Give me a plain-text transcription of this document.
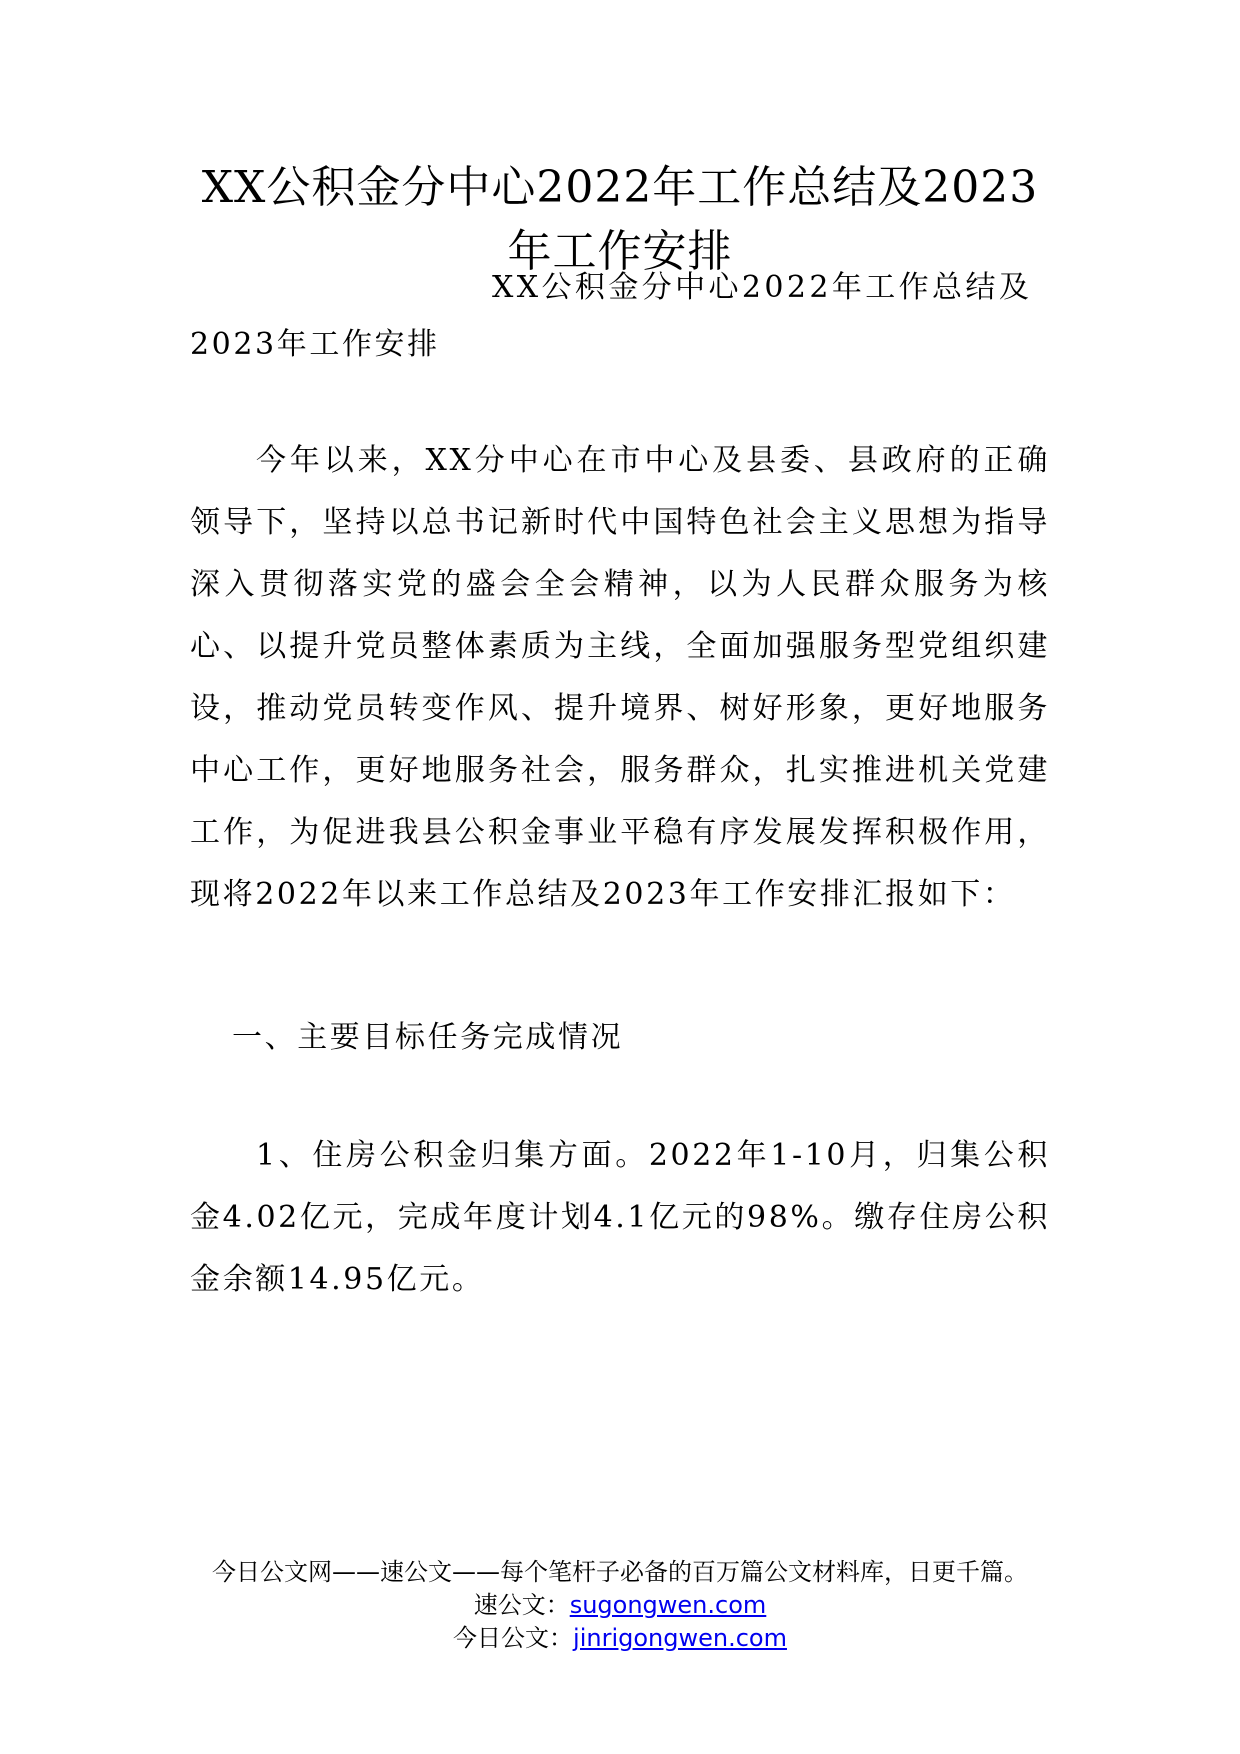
XX公积金分中心2022年工作总结及2023
年工作安排

XX公积金分中心2022年工作总结及

2023年工作安排

今年以来，XX分中心在市中心及县委、县政府的正确领导下，坚持以总书记新时代中国特色社会主义思想为指导深入贯彻落实党的盛会全会精神，以为人民群众服务为核心、以提升党员整体素质为主线，全面加强服务型党组织建设，推动党员转变作风、提升境界、树好形象，更好地服务中心工作，更好地服务社会，服务群众，扎实推进机关党建工作，为促进我县公积金事业平稳有序发展发挥积极作用，现将2022年以来工作总结及2023年工作安排汇报如下：

一、主要目标任务完成情况

1、住房公积金归集方面。2022年1-10月，归集公积金4.02亿元，完成年度计划4.1亿元的98%。缴存住房公积金余额14.95亿元。

今日公文网——速公文——每个笔杆子必备的百万篇公文材料库，日更千篇。

速公文：sugongwen.com

今日公文：jinrigongwen.com
